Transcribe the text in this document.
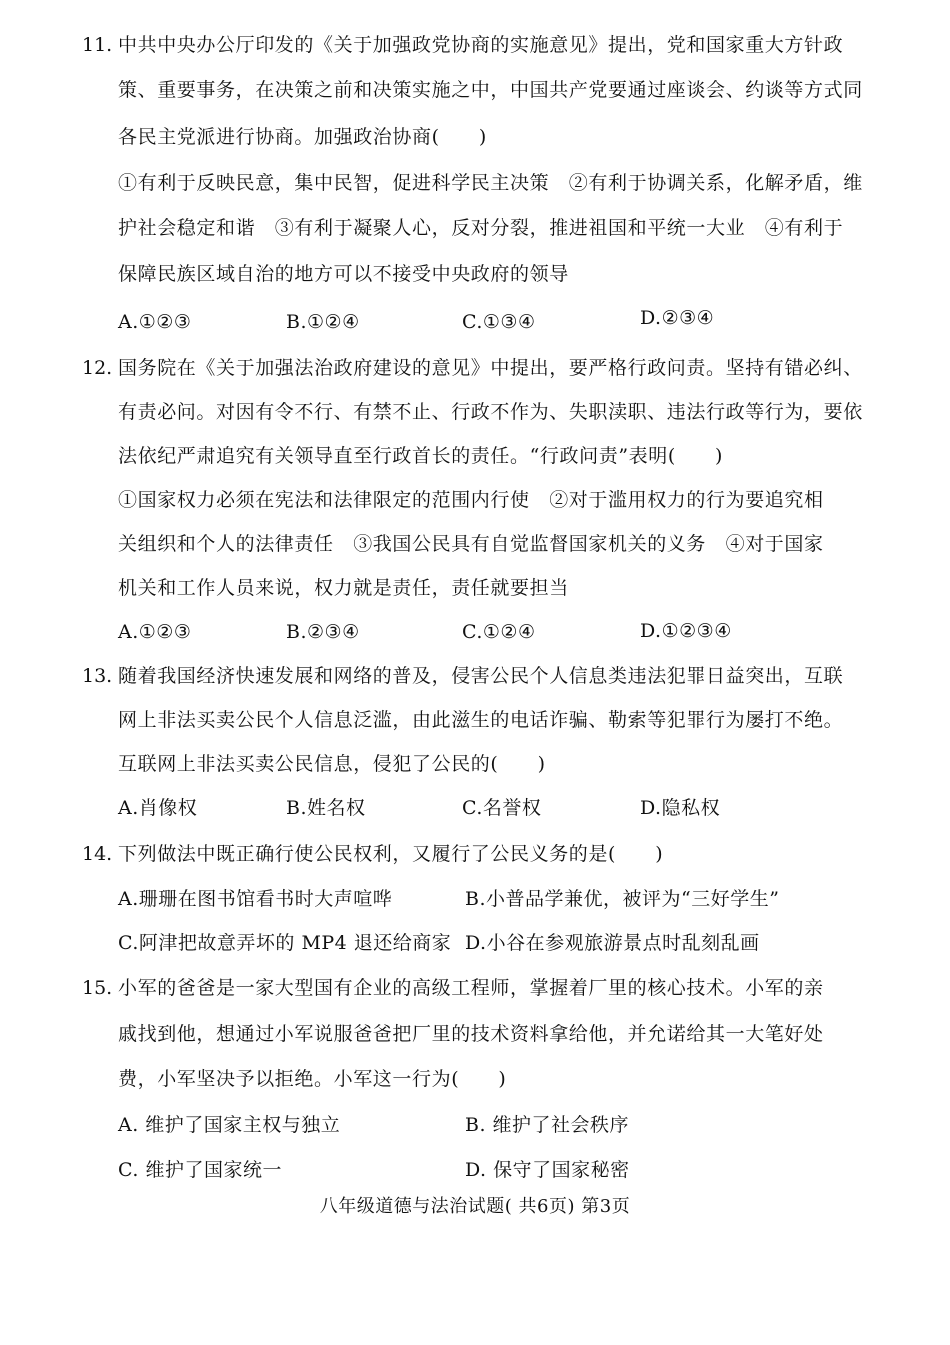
11. 中共中央办公厅印发的《关于加强政党协商的实施意见》提出，党和国家重大方针政
策、重要事务，在决策之前和决策实施之中，中国共产党要通过座谈会、约谈等方式同
各民主党派进行协商。加强政治协商(　　)
①有利于反映民意，集中民智，促进科学民主决策　②有利于协调关系，化解矛盾，维
护社会稳定和谐　③有利于凝聚人心，反对分裂，推进祖国和平统一大业　④有利于
保障民族区域自治的地方可以不接受中央政府的领导
A.①②③	B.①②④	C.①③④	D.②③④
12. 国务院在《关于加强法治政府建设的意见》中提出，要严格行政问责。坚持有错必纠、
有责必问。对因有令不行、有禁不止、行政不作为、失职渎职、违法行政等行为，要依
法依纪严肃追究有关领导直至行政首长的责任。“行政问责”表明(　　)
①国家权力必须在宪法和法律限定的范围内行使　②对于滥用权力的行为要追究相
关组织和个人的法律责任　③我国公民具有自觉监督国家机关的义务　④对于国家
机关和工作人员来说，权力就是责任，责任就要担当
A.①②③	B.②③④	C.①②④	D.①②③④
13. 随着我国经济快速发展和网络的普及，侵害公民个人信息类违法犯罪日益突出，互联
网上非法买卖公民个人信息泛滥，由此滋生的电话诈骗、勒索等犯罪行为屡打不绝。
互联网上非法买卖公民信息，侵犯了公民的(　　)
A.肖像权	B.姓名权	C.名誉权	D.隐私权
14. 下列做法中既正确行使公民权利，又履行了公民义务的是(　　)
A.珊珊在图书馆看书时大声喧哗	B.小普品学兼优，被评为“三好学生”
C.阿津把故意弄坏的 MP4 退还给商家 D.小谷在参观旅游景点时乱刻乱画
15. 小军的爸爸是一家大型国有企业的高级工程师，掌握着厂里的核心技术。小军的亲
戚找到他，想通过小军说服爸爸把厂里的技术资料拿给他，并允诺给其一大笔好处
费，小军坚决予以拒绝。小军这一行为(　　)
A. 维护了国家主权与独立	B. 维护了社会秩序
C. 维护了国家统一	D. 保守了国家秘密
八年级道德与法治试题( 共6页) 第3页
